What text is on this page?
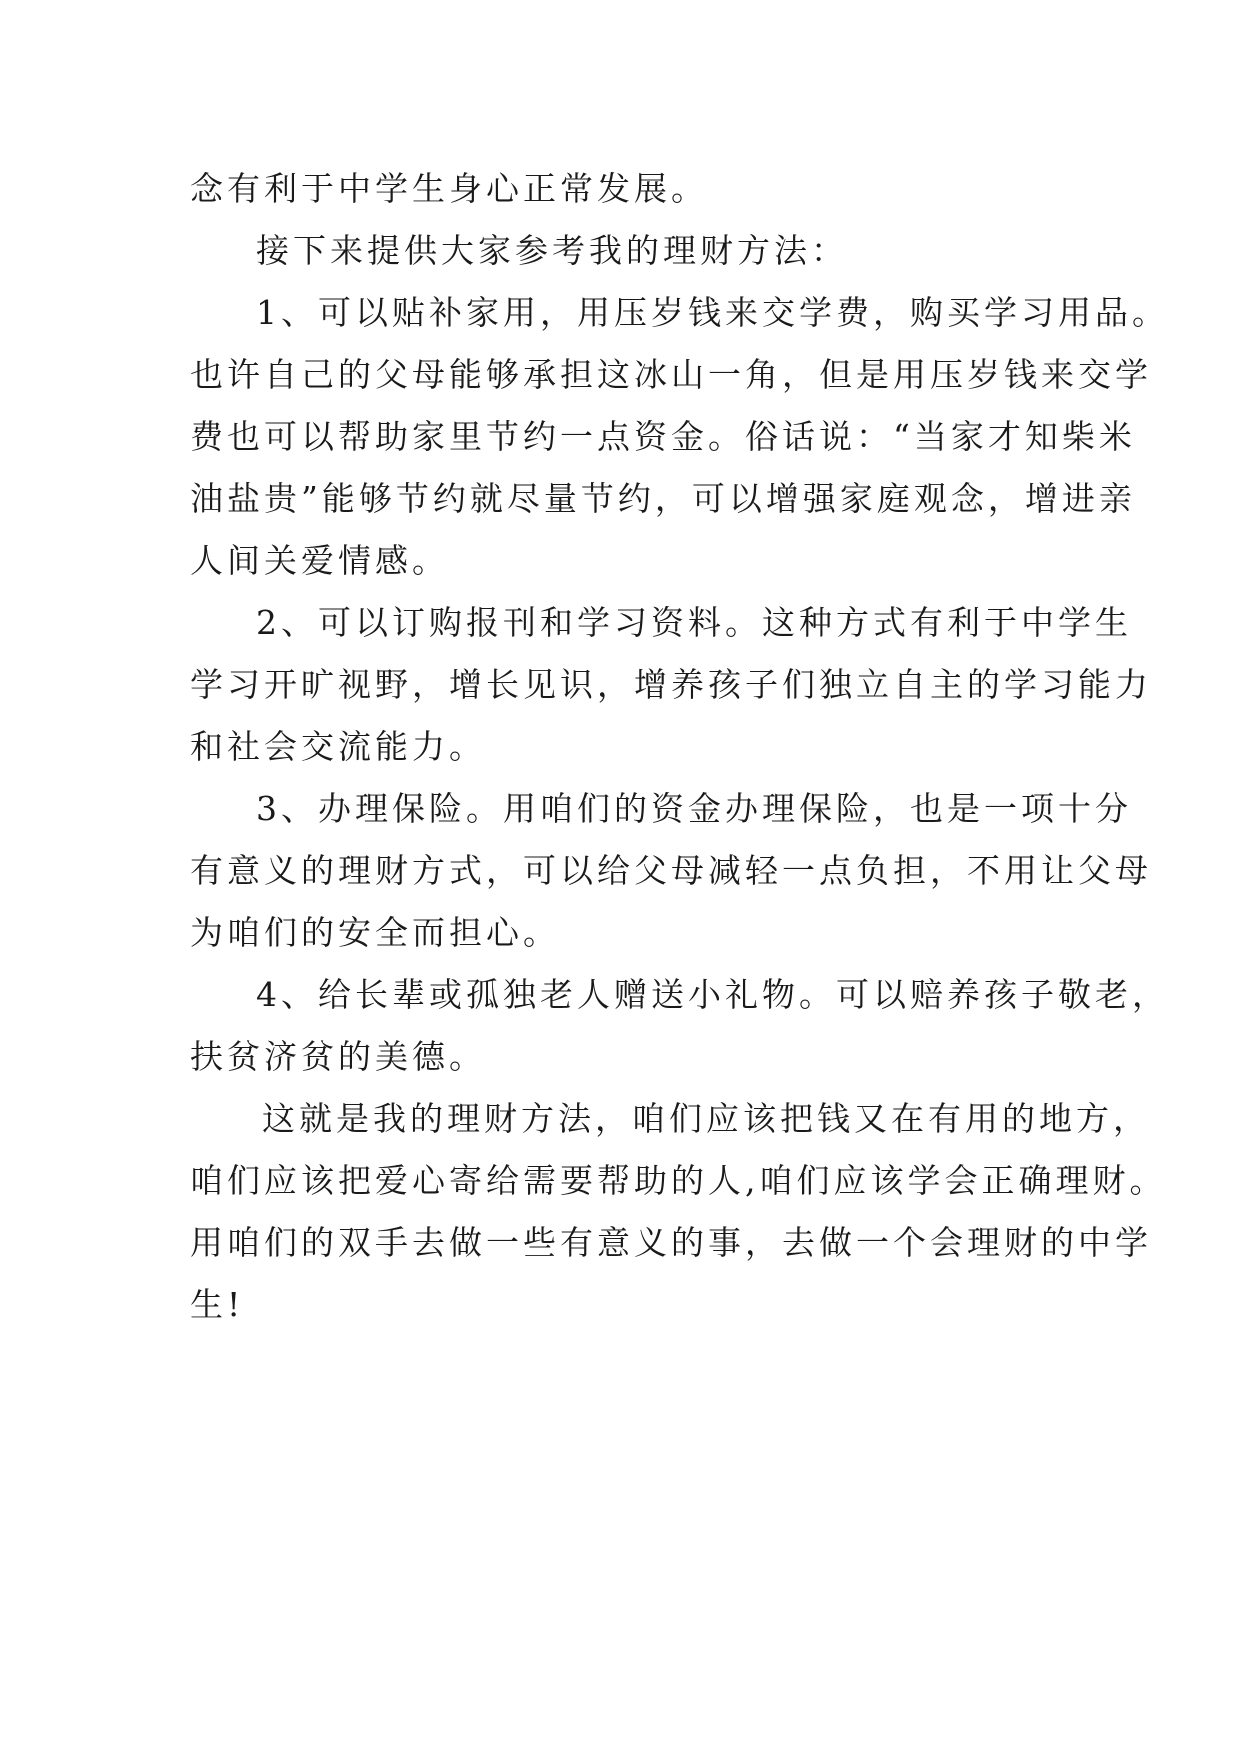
念有利于中学生身心正常发展。
接下来提供大家参考我的理财方法：
1、可以贴补家用，用压岁钱来交学费，购买学习用品。
也许自己的父母能够承担这冰山一角，但是用压岁钱来交学
费也可以帮助家里节约一点资金。俗话说：“当家才知柴米
油盐贵”能够节约就尽量节约，可以增强家庭观念，增进亲
人间关爱情感。
2、可以订购报刊和学习资料。这种方式有利于中学生
学习开旷视野，增长见识，增养孩子们独立自主的学习能力
和社会交流能力。
3、办理保险。用咱们的资金办理保险，也是一项十分
有意义的理财方式，可以给父母减轻一点负担，不用让父母
为咱们的安全而担心。
4、给长辈或孤独老人赠送小礼物。可以赔养孩子敬老，
扶贫济贫的美德。
这就是我的理财方法，咱们应该把钱又在有用的地方，
咱们应该把爱心寄给需要帮助的人,咱们应该学会正确理财。
用咱们的双手去做一些有意义的事，去做一个会理财的中学
生!
